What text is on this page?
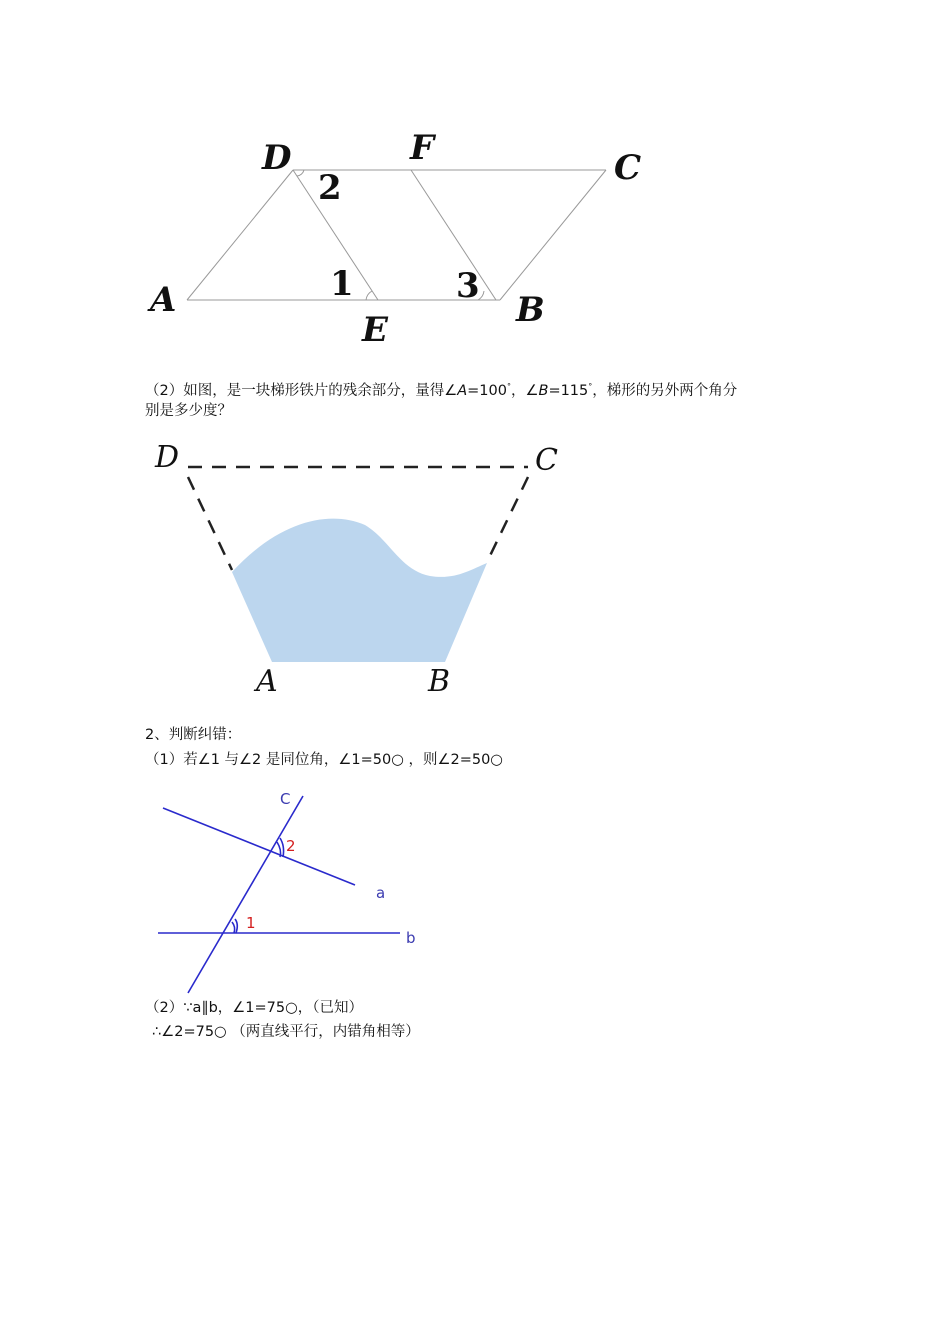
D	F	C
A
E	B
2
1	3
（2）如图，是一块梯形铁片的残余部分，量得∠A=100°，∠B=115°，梯形的另外两个角分
别是多少度？
D	C
A	B
2、判断纠错：
（1）若∠1 与∠2 是同位角，∠1=50○ ，则∠2=50○
C
a
b
1
2
（2）∵a∥b，∠1=75○，（已知）
∴∠2=75○ （两直线平行，内错角相等）
